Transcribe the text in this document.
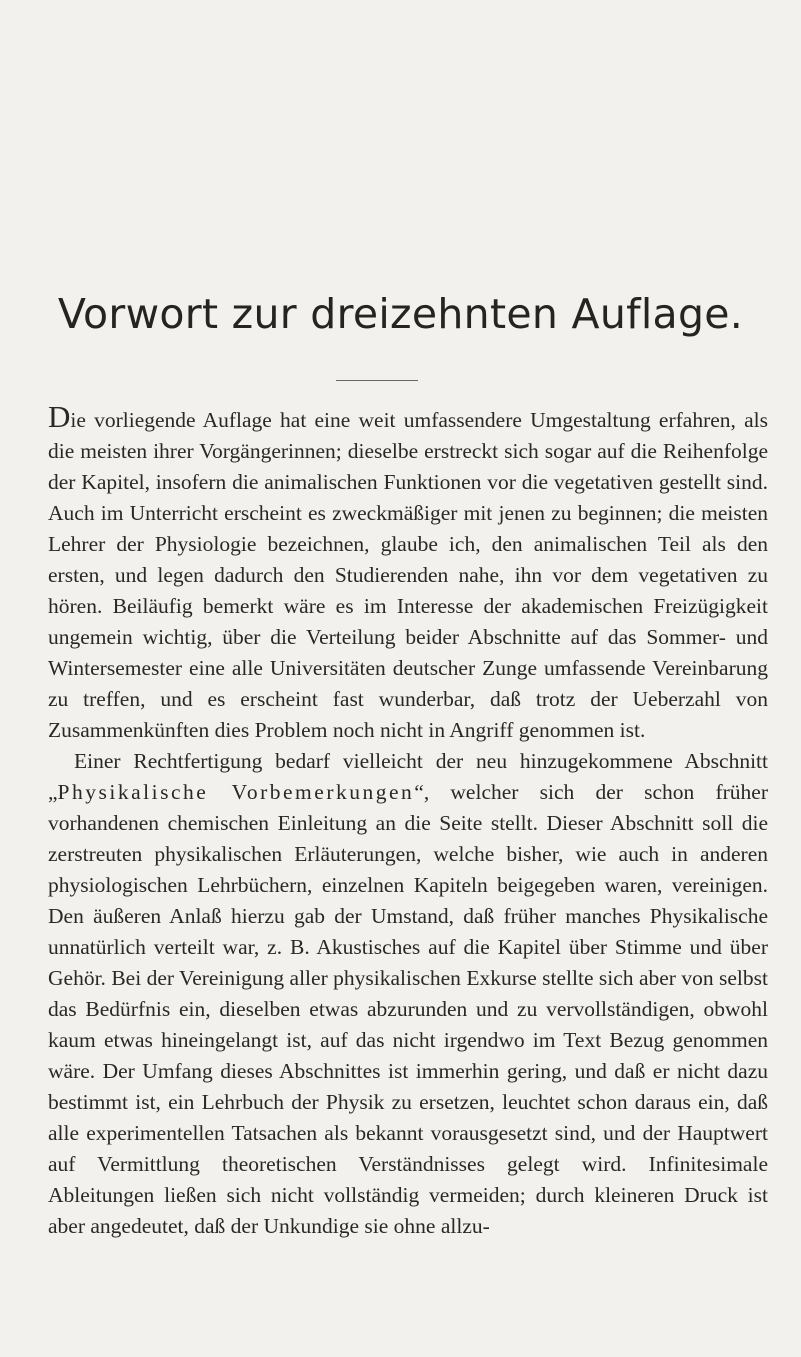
Vorwort zur dreizehnten Auflage.

Die vorliegende Auflage hat eine weit umfassendere Umgestaltung erfahren, als die meisten ihrer Vorgängerinnen; dieselbe erstreckt sich sogar auf die Reihenfolge der Kapitel, insofern die animalischen Funktionen vor die vegetativen gestellt sind. Auch im Unterricht erscheint es zweckmäßiger mit jenen zu beginnen; die meisten Lehrer der Physiologie bezeichnen, glaube ich, den animalischen Teil als den ersten, und legen dadurch den Studierenden nahe, ihn vor dem vegetativen zu hören. Beiläufig bemerkt wäre es im Interesse der akademischen Freizügigkeit ungemein wichtig, über die Verteilung beider Abschnitte auf das Sommer- und Wintersemester eine alle Universitäten deutscher Zunge umfassende Vereinbarung zu treffen, und es erscheint fast wunderbar, daß trotz der Ueberzahl von Zusammenkünften dies Problem noch nicht in Angriff genommen ist.

Einer Rechtfertigung bedarf vielleicht der neu hinzugekommene Abschnitt „Physikalische Vorbemerkungen“, welcher sich der schon früher vorhandenen chemischen Einleitung an die Seite stellt. Dieser Abschnitt soll die zerstreuten physikalischen Erläuterungen, welche bisher, wie auch in anderen physiologischen Lehrbüchern, einzelnen Kapiteln beigegeben waren, vereinigen. Den äußeren Anlaß hierzu gab der Umstand, daß früher manches Physikalische unnatürlich verteilt war, z. B. Akustisches auf die Kapitel über Stimme und über Gehör. Bei der Vereinigung aller physikalischen Exkurse stellte sich aber von selbst das Bedürfnis ein, dieselben etwas abzurunden und zu vervollständigen, obwohl kaum etwas hineingelangt ist, auf das nicht irgendwo im Text Bezug genommen wäre. Der Umfang dieses Abschnittes ist immerhin gering, und daß er nicht dazu bestimmt ist, ein Lehrbuch der Physik zu ersetzen, leuchtet schon daraus ein, daß alle experimentellen Tatsachen als bekannt vorausgesetzt sind, und der Hauptwert auf Vermittlung theoretischen Verständnisses gelegt wird. Infinitesimale Ableitungen ließen sich nicht vollständig vermeiden; durch kleineren Druck ist aber angedeutet, daß der Unkundige sie ohne allzu-
